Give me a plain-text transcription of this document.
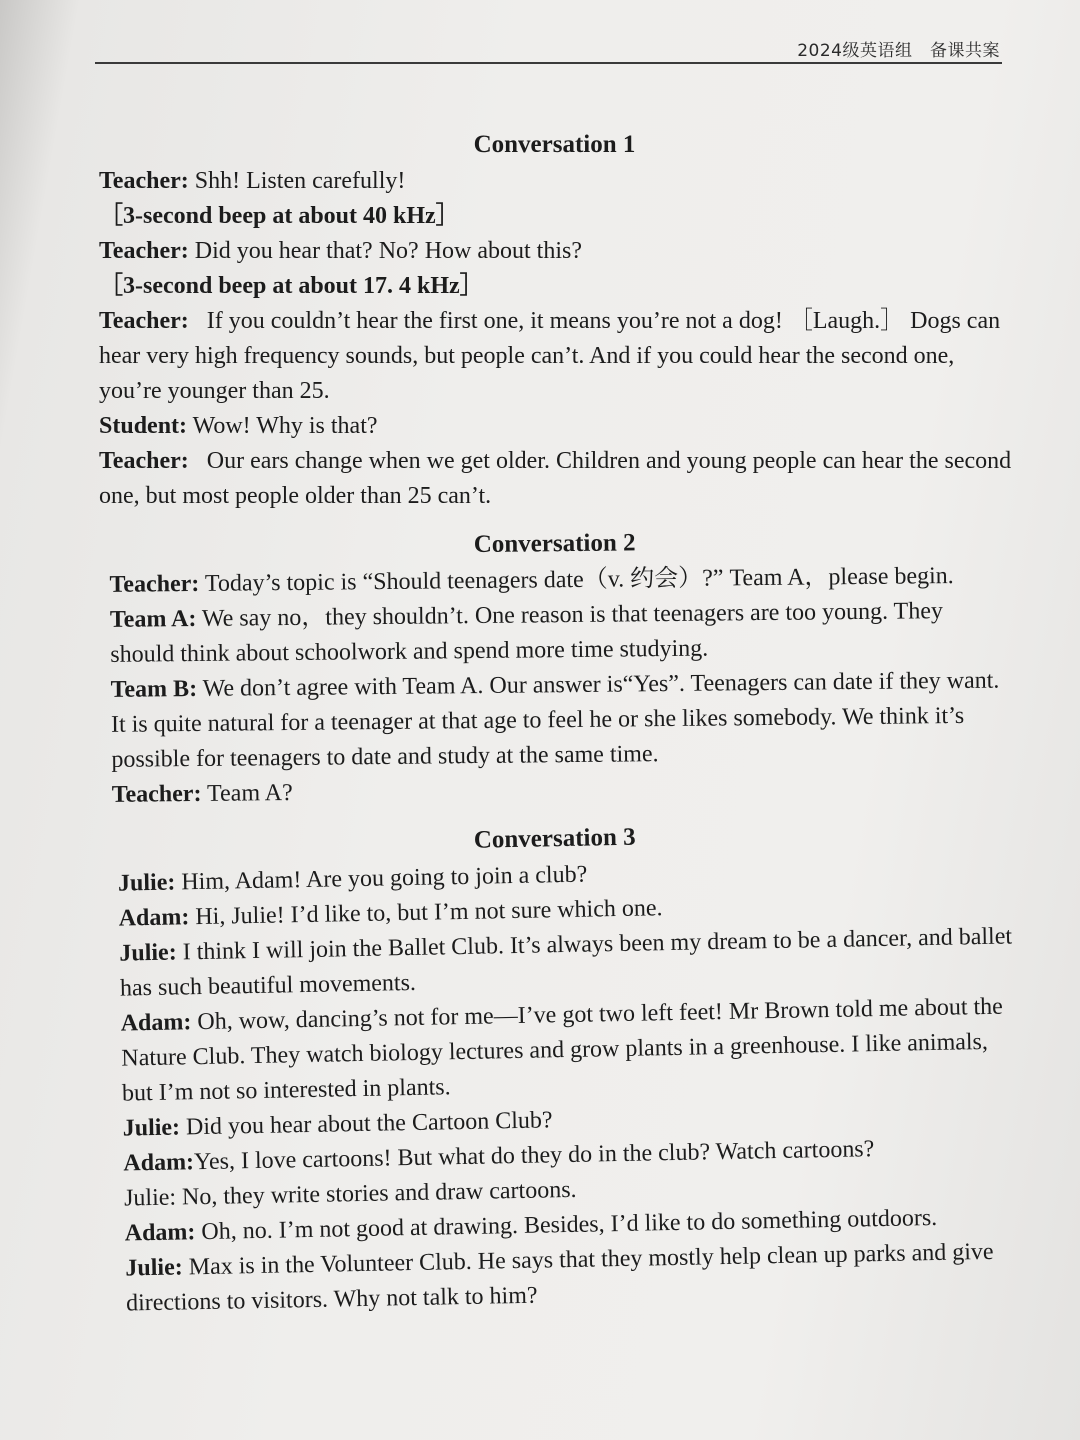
2024级英语组　备课共案
Conversation 1

Teacher: Shh! Listen carefully!

［3-second beep at about 40 kHz］

Teacher: Did you hear that? No? How about this?

［3-second beep at about 17. 4 kHz］

Teacher: If you couldn’t hear the first one, it means you’re not a dog! ［Laugh.］ Dogs can hear very high frequency sounds, but people can’t. And if you could hear the second one, you’re younger than 25.

Student: Wow! Why is that?

Teacher: Our ears change when we get older. Children and young people can hear the second one, but most people older than 25 can’t.

Conversation 2

Teacher: Today’s topic is “Should teenagers date（v. 约会）?” Team A，please begin.

Team A: We say no，they shouldn’t. One reason is that teenagers are too young. They should think about schoolwork and spend more time studying.

Team B: We don’t agree with Team A. Our answer is“Yes”. Teenagers can date if they want. It is quite natural for a teenager at that age to feel he or she likes somebody. We think it’s possible for teenagers to date and study at the same time.

Teacher: Team A?

Conversation 3

Julie: Him, Adam! Are you going to join a club?

Adam: Hi, Julie! I’d like to, but I’m not sure which one.

Julie: I think I will join the Ballet Club. It’s always been my dream to be a dancer, and ballet has such beautiful movements.

Adam: Oh, wow, dancing’s not for me—I’ve got two left feet! Mr Brown told me about the Nature Club. They watch biology lectures and grow plants in a greenhouse. I like animals, but I’m not so interested in plants.

Julie: Did you hear about the Cartoon Club?

Adam:Yes, I love cartoons! But what do they do in the club? Watch cartoons?

Julie: No, they write stories and draw cartoons.

Adam: Oh, no. I’m not good at drawing. Besides, I’d like to do something outdoors.

Julie: Max is in the Volunteer Club. He says that they mostly help clean up parks and give directions to visitors. Why not talk to him?
